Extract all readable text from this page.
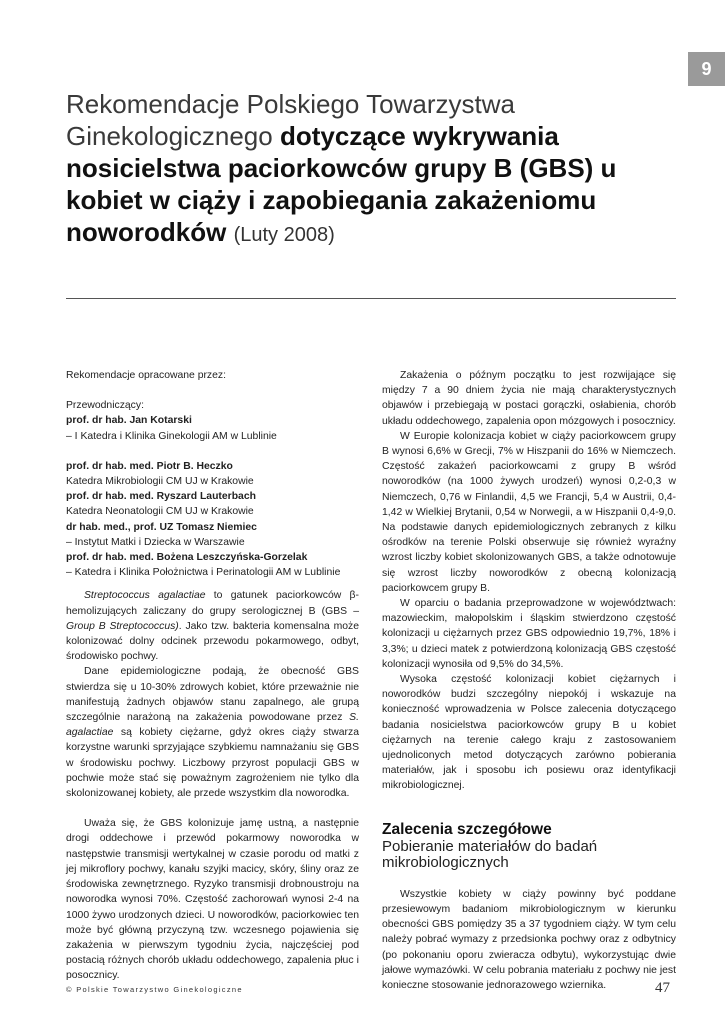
9
Rekomendacje Polskiego Towarzystwa Ginekologicznego dotyczące wykrywania nosicielstwa paciorkowców grupy B (GBS) u kobiet w ciąży i zapobiegania zakażeniomu noworodków (Luty 2008)

Rekomendacje opracowane przez:

Przewodniczący:

prof. dr hab. Jan Kotarski

– I Katedra i Klinika Ginekologii AM w Lublinie

prof. dr hab. med. Piotr B. Heczko

Katedra Mikrobiologii CM UJ w Krakowie

prof. dr hab. med. Ryszard Lauterbach

Katedra Neonatologii CM UJ w Krakowie

dr hab. med., prof. UZ Tomasz Niemiec

– Instytut Matki i Dziecka w Warszawie

prof. dr hab. med. Bożena Leszczyńska-Gorzelak

– Katedra i Klinika Położnictwa i Perinatologii AM w Lublinie

Streptococcus agalactiae to gatunek paciorkowców β-hemolizujących zaliczany do grupy serologicznej B (GBS – Group B Streptococcus). Jako tzw. bakteria komensalna może kolonizować dolny odcinek przewodu pokarmowego, odbyt, środowisko pochwy.

Dane epidemiologiczne podają, że obecność GBS stwierdza się u 10-30% zdrowych kobiet, które przeważnie nie manifestują żadnych objawów stanu zapalnego, ale grupą szczególnie narażoną na zakażenia powodowane przez S. agalactiae są kobiety ciężarne, gdyż okres ciąży stwarza korzystne warunki sprzyjające szybkiemu namnażaniu się GBS w środowisku pochwy. Liczbowy przyrost populacji GBS w pochwie może stać się poważnym zagrożeniem nie tylko dla skolonizowanej kobiety, ale przede wszystkim dla noworodka.

Uważa się, że GBS kolonizuje jamę ustną, a następnie drogi oddechowe i przewód pokarmowy noworodka w następstwie transmisji wertykalnej w czasie porodu od matki z jej mikroflory pochwy, kanału szyjki macicy, skóry, śliny oraz ze środowiska zewnętrznego. Ryzyko transmisji drobnoustroju na noworodka wynosi 70%. Częstość zachorowań wynosi 2-4 na 1000 żywo urodzonych dzieci. U noworodków, paciorkowiec ten może być główną przyczyną tzw. wczesnego pojawienia się zakażenia w pierwszym tygodniu życia, najczęściej pod postacią różnych chorób układu oddechowego, zapalenia płuc i posocznicy.

Zakażenia o późnym początku to jest rozwijające się między 7 a 90 dniem życia nie mają charakterystycznych objawów i przebiegają w postaci gorączki, osłabienia, chorób układu oddechowego, zapalenia opon mózgowych i posocznicy.

W Europie kolonizacja kobiet w ciąży paciorkowcem grupy B wynosi 6,6% w Grecji, 7% w Hiszpanii do 16% w Niemczech. Częstość zakażeń paciorkowcami z grupy B wśród noworodków (na 1000 żywych urodzeń) wynosi 0,2-0,3 w Niemczech, 0,76 w Finlandii, 4,5 we Francji, 5,4 w Austrii, 0,4-1,42 w Wielkiej Brytanii, 0,54 w Norwegii, a w Hiszpanii 0,4-9,0. Na podstawie danych epidemiologicznych zebranych z kilku ośrodków na terenie Polski obserwuje się również wyraźny wzrost liczby kobiet skolonizowanych GBS, a także odnotowuje się wzrost liczby noworodków z obecną kolonizacją paciorkowcem grupy B.

W oparciu o badania przeprowadzone w województwach: mazowieckim, małopolskim i śląskim stwierdzono częstość kolonizacji u ciężarnych przez GBS odpowiednio 19,7%, 18% i 3,3%; u dzieci matek z potwierdzoną kolonizacją GBS częstość kolonizacji wynosiła od 9,5% do 34,5%.

Wysoka częstość kolonizacji kobiet ciężarnych i noworodków budzi szczególny niepokój i wskazuje na konieczność wprowadzenia w Polsce zalecenia dotyczącego badania nosicielstwa paciorkowców grupy B u kobiet ciężarnych na terenie całego kraju z zastosowaniem ujednoliconych metod dotyczących zarówno pobierania materiałów, jak i sposobu ich posiewu oraz identyfikacji mikrobiologicznej.

Zalecenia szczegółowe
Pobieranie materiałów do badań mikrobiologicznych

Wszystkie kobiety w ciąży powinny być poddane przesiewowym badaniom mikrobiologicznym w kierunku obecności GBS pomiędzy 35 a 37 tygodniem ciąży. W tym celu należy pobrać wymazy z przedsionka pochwy oraz z odbytnicy (po pokonaniu oporu zwieracza odbytu), wykorzystując dwie jałowe wymazówki. W celu pobrania materiału z pochwy nie jest konieczne stosowanie jednorazowego wziernika.

© Polskie Towarzystwo Ginekologiczne	47
